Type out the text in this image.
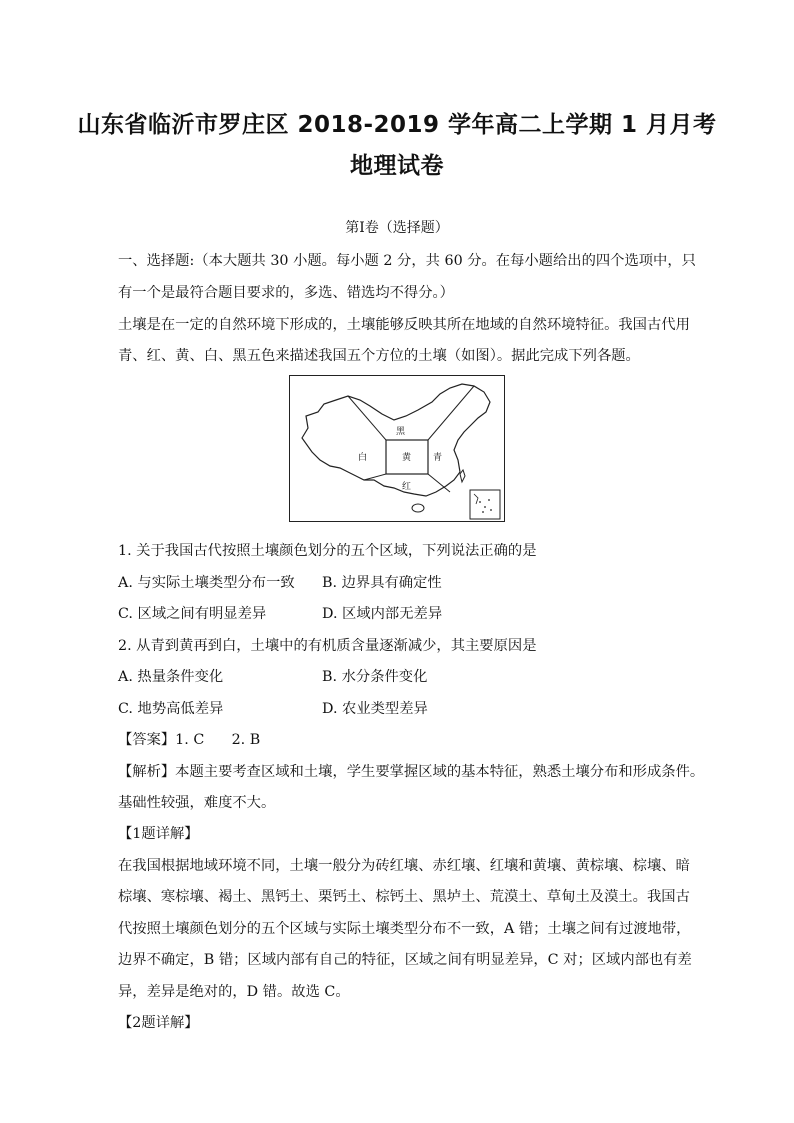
山东省临沂市罗庄区 2018-2019 学年高二上学期 1 月月考
地理试卷
第Ⅰ卷（选择题）
一、选择题:（本大题共 30 小题。每小题 2 分，共 60 分。在每小题给出的四个选项中，只
有一个是最符合题目要求的，多选、错选均不得分。）
土壤是在一定的自然环境下形成的，土壤能够反映其所在地域的自然环境特征。我国古代用
青、红、黄、白、黑五色来描述我国五个方位的土壤（如图）。据此完成下列各题。
黑
白	黄 青
红
1. 关于我国古代按照土壤颜色划分的五个区域，下列说法正确的是
A. 与实际土壤类型分布一致 B. 边界具有确定性
C. 区域之间有明显差异	D. 区域内部无差异
2. 从青到黄再到白，土壤中的有机质含量逐渐减少，其主要原因是
A. 热量条件变化	B. 水分条件变化
C. 地势高低差异	D. 农业类型差异
【答案】1. C      2. B
【解析】本题主要考查区域和土壤，学生要掌握区域的基本特征，熟悉土壤分布和形成条件。
基础性较强，难度不大。
【1题详解】
在我国根据地域环境不同，土壤一般分为砖红壤、赤红壤、红壤和黄壤、黄棕壤、棕壤、暗
棕壤、寒棕壤、褐土、黑钙土、栗钙土、棕钙土、黑垆土、荒漠土、草甸土及漠土。我国古
代按照土壤颜色划分的五个区域与实际土壤类型分布不一致，A 错；土壤之间有过渡地带，
边界不确定，B 错；区域内部有自己的特征，区域之间有明显差异，C 对；区域内部也有差
异，差异是绝对的，D 错。故选 C。
【2题详解】
